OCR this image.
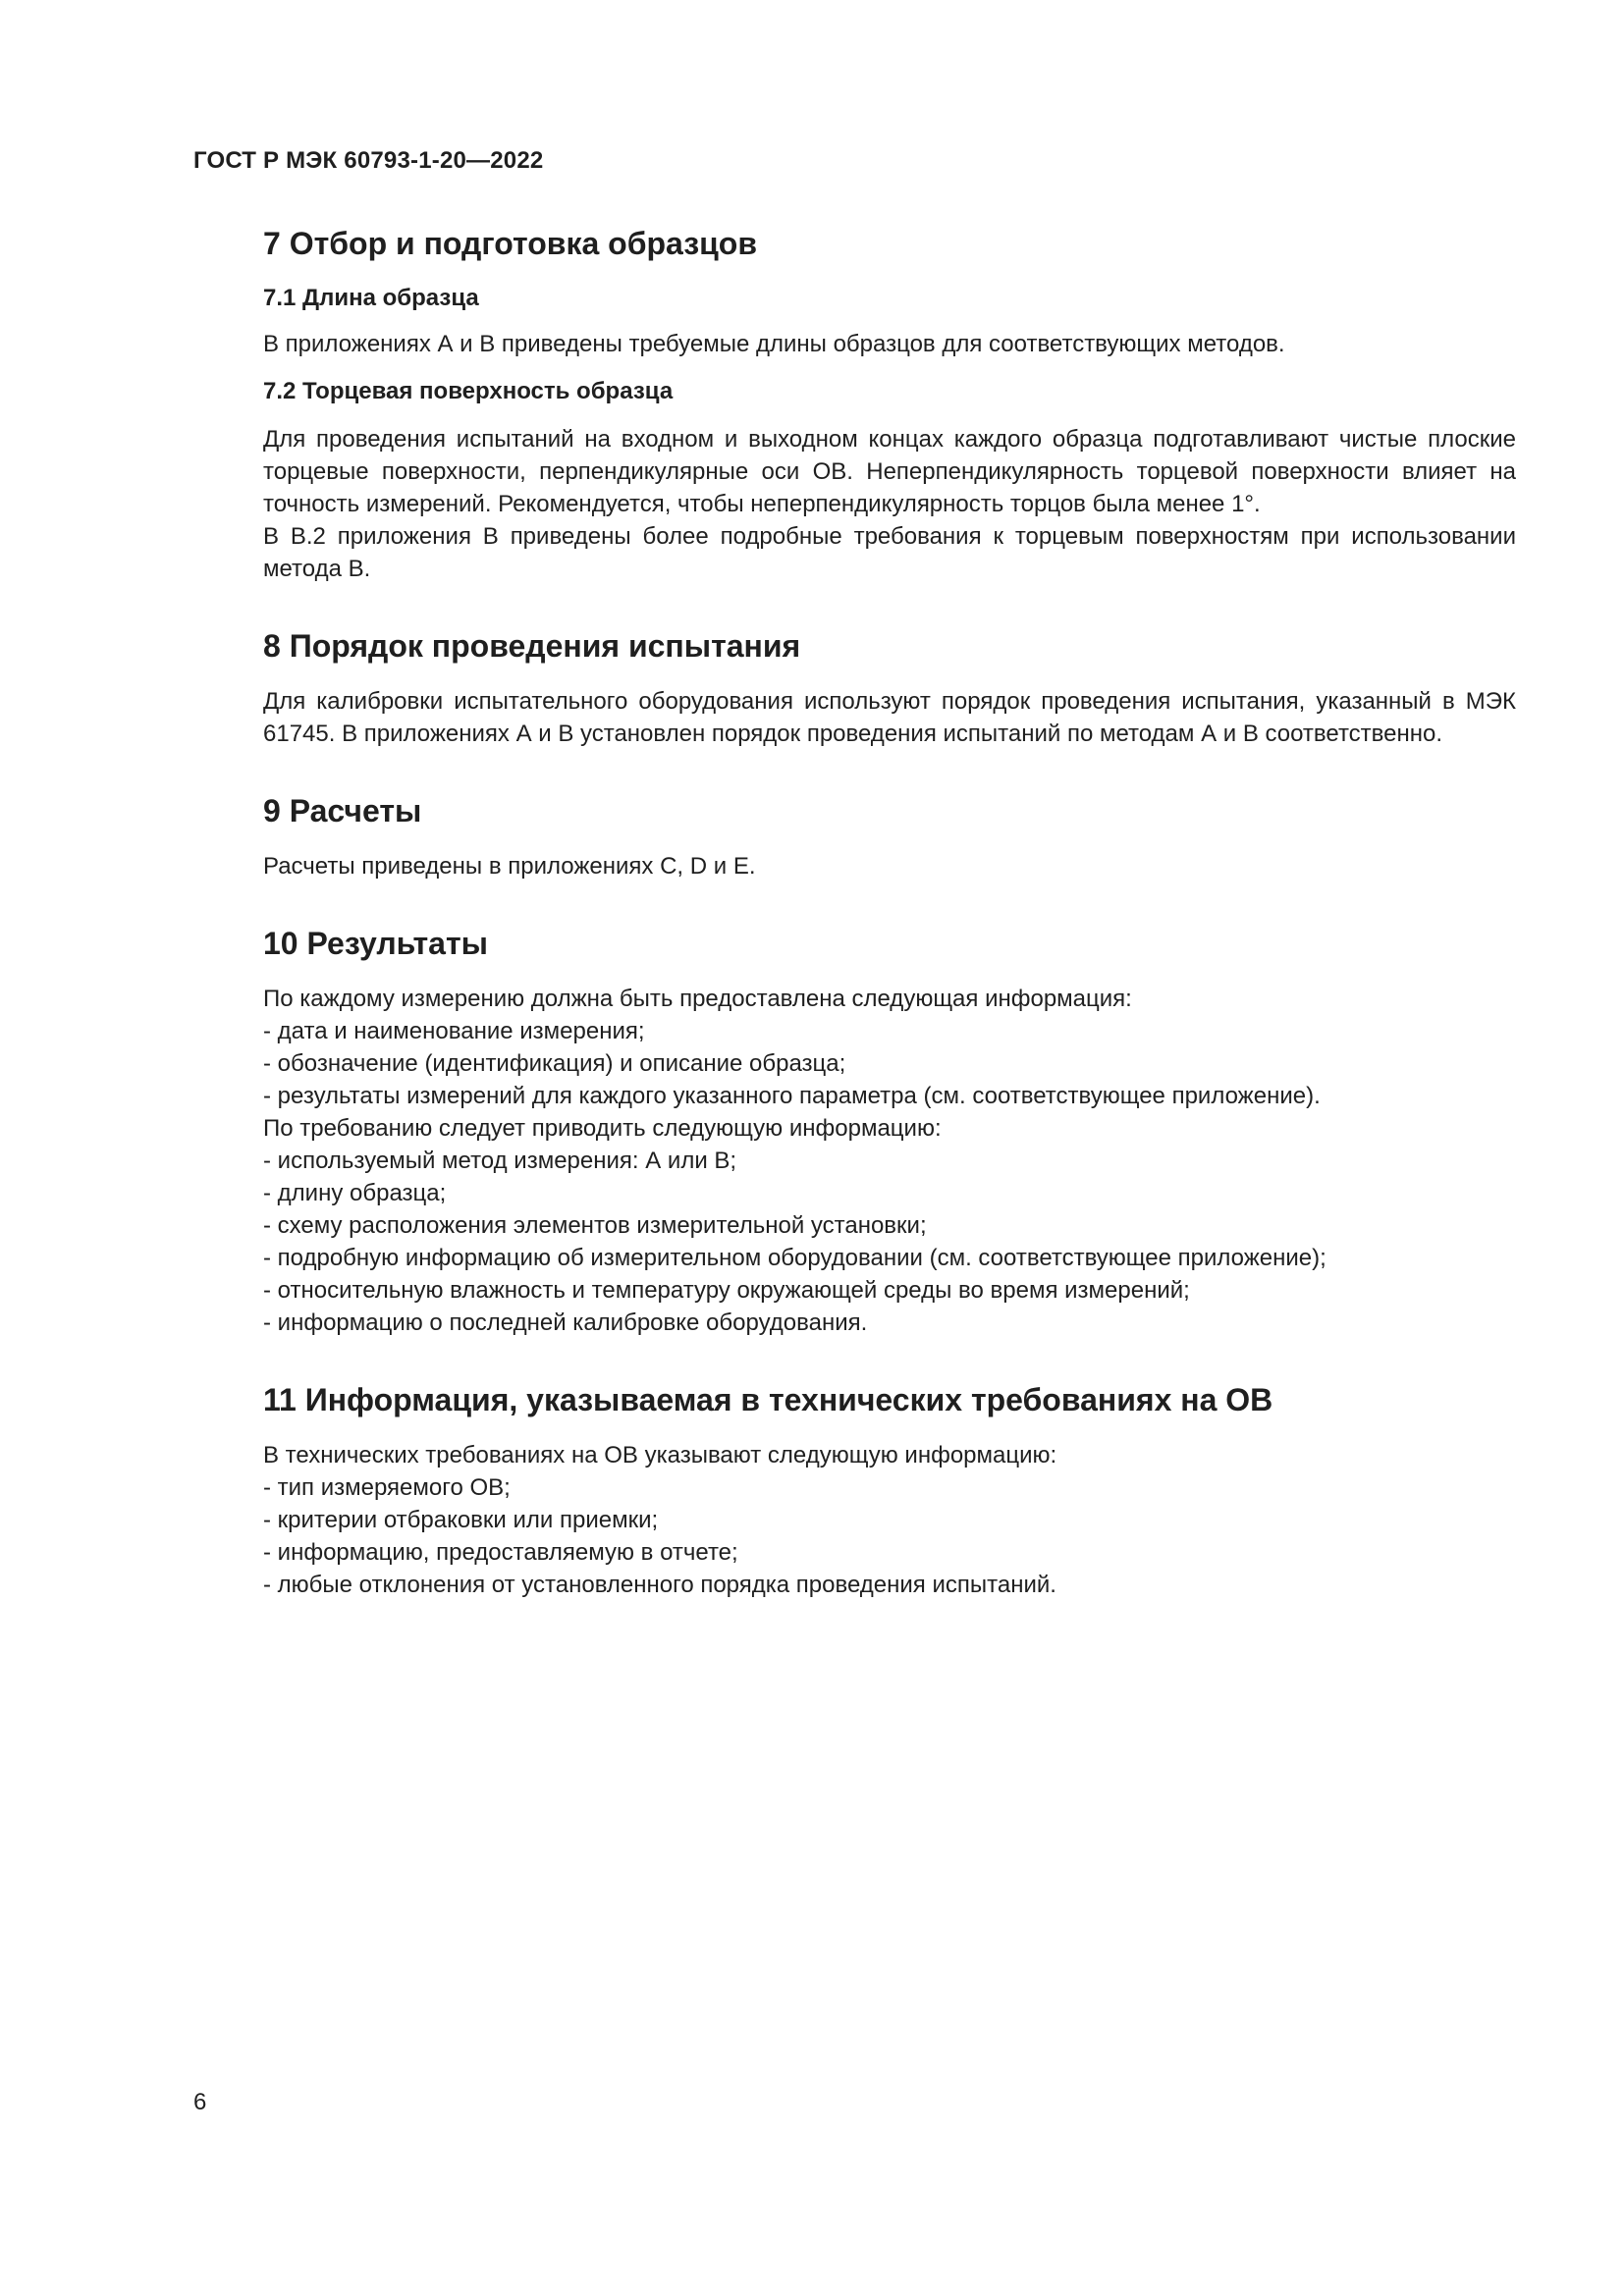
ГОСТ Р МЭК 60793-1-20—2022
7 Отбор и подготовка образцов
7.1 Длина образца

В приложениях А и В приведены требуемые длины образцов для соответствующих методов.

7.2 Торцевая поверхность образца

Для проведения испытаний на входном и выходном концах каждого образца подготавливают чистые плоские торцевые поверхности, перпендикулярные оси ОВ. Неперпендикулярность торцевой поверхности влияет на точность измерений. Рекомендуется, чтобы неперпендикулярность торцов была менее 1°.

В В.2 приложения В приведены более подробные требования к торцевым поверхностям при использовании метода В.

8 Порядок проведения испытания

Для калибровки испытательного оборудования используют порядок проведения испытания, указанный в МЭК 61745. В приложениях А и В установлен порядок проведения испытаний по методам А и В соответственно.

9 Расчеты

Расчеты приведены в приложениях С, D и E.

10 Результаты

По каждому измерению должна быть предоставлена следующая информация:

- дата и наименование измерения;

- обозначение (идентификация) и описание образца;

- результаты измерений для каждого указанного параметра (см. соответствующее приложение).

По требованию следует приводить следующую информацию:

- используемый метод измерения: А или В;

- длину образца;

- схему расположения элементов измерительной установки;

- подробную информацию об измерительном оборудовании (см. соответствующее приложение);

- относительную влажность и температуру окружающей среды во время измерений;

- информацию о последней калибровке оборудования.

11 Информация, указываемая в технических требованиях на ОВ

В технических требованиях на ОВ указывают следующую информацию:

- тип измеряемого ОВ;

- критерии отбраковки или приемки;

- информацию, предоставляемую в отчете;

- любые отклонения от установленного порядка проведения испытаний.

6
